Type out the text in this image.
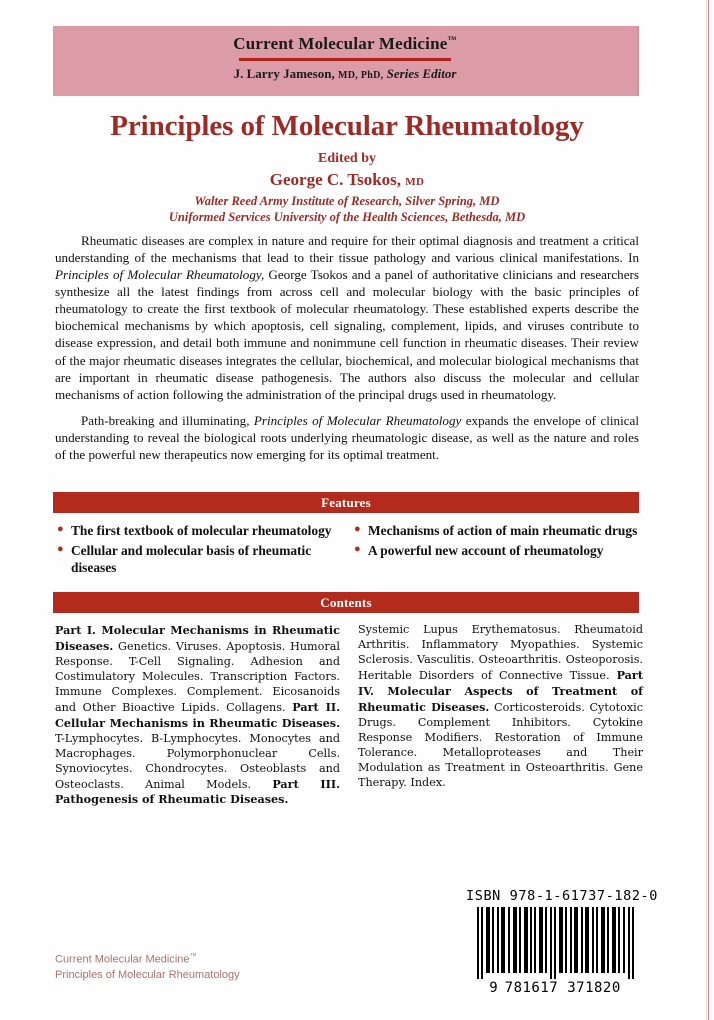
Current Molecular Medicine™
J. Larry Jameson, MD, PhD, Series Editor
Principles of Molecular Rheumatology
Edited by
George C. Tsokos, MD
Walter Reed Army Institute of Research, Silver Spring, MD
Uniformed Services University of the Health Sciences, Bethesda, MD

Rheumatic diseases are complex in nature and require for their optimal diagnosis and treatment a critical understanding of the mechanisms that lead to their tissue pathology and various clinical manifestations. In Principles of Molecular Rheumatology, George Tsokos and a panel of authoritative clinicians and researchers synthesize all the latest findings from across cell and molecular biology with the basic principles of rheumatology to create the first textbook of molecular rheumatology. These established experts describe the biochemical mechanisms by which apoptosis, cell signaling, complement, lipids, and viruses contribute to disease expression, and detail both immune and nonimmune cell function in rheumatic diseases. Their review of the major rheumatic diseases integrates the cellular, biochemical, and molecular biological mechanisms that are important in rheumatic disease pathogenesis. The authors also discuss the molecular and cellular mechanisms of action following the administration of the principal drugs used in rheumatology.

Path-breaking and illuminating, Principles of Molecular Rheumatology expands the envelope of clinical understanding to reveal the biological roots underlying rheumatologic disease, as well as the nature and roles of the powerful new therapeutics now emerging for its optimal treatment.

Features
● The first textbook of molecular rheumatology
● Cellular and molecular basis of rheumatic diseases
● Mechanisms of action of main rheumatic drugs
● A powerful new account of rheumatology
Contents
Part I. Molecular Mechanisms in Rheumatic Diseases. Genetics. Viruses. Apoptosis. Humoral Response. T-Cell Signaling. Adhesion and Costimulatory Molecules. Transcription Factors. Immune Complexes. Complement. Eicosanoids and Other Bioactive Lipids. Collagens. Part II. Cellular Mechanisms in Rheumatic Diseases. T-Lymphocytes. B-Lymphocytes. Monocytes and Macrophages. Polymorphonuclear Cells. Synoviocytes. Chondrocytes. Osteoblasts and Osteoclasts. Animal Models. Part III. Pathogenesis of Rheumatic Diseases.
Systemic Lupus Erythematosus. Rheumatoid Arthritis. Inflammatory Myopathies. Systemic Sclerosis. Vasculitis. Osteoarthritis. Osteoporosis. Heritable Disorders of Connective Tissue. Part IV. Molecular Aspects of Treatment of Rheumatic Diseases. Corticosteroids. Cytotoxic Drugs. Complement Inhibitors. Cytokine Response Modifiers. Restoration of Immune Tolerance. Metalloproteases and Their Modulation as Treatment in Osteoarthritis. Gene Therapy. Index.
ISBN 978-1-61737-182-0
9 781617 371820
Current Molecular Medicine™
Principles of Molecular Rheumatology
